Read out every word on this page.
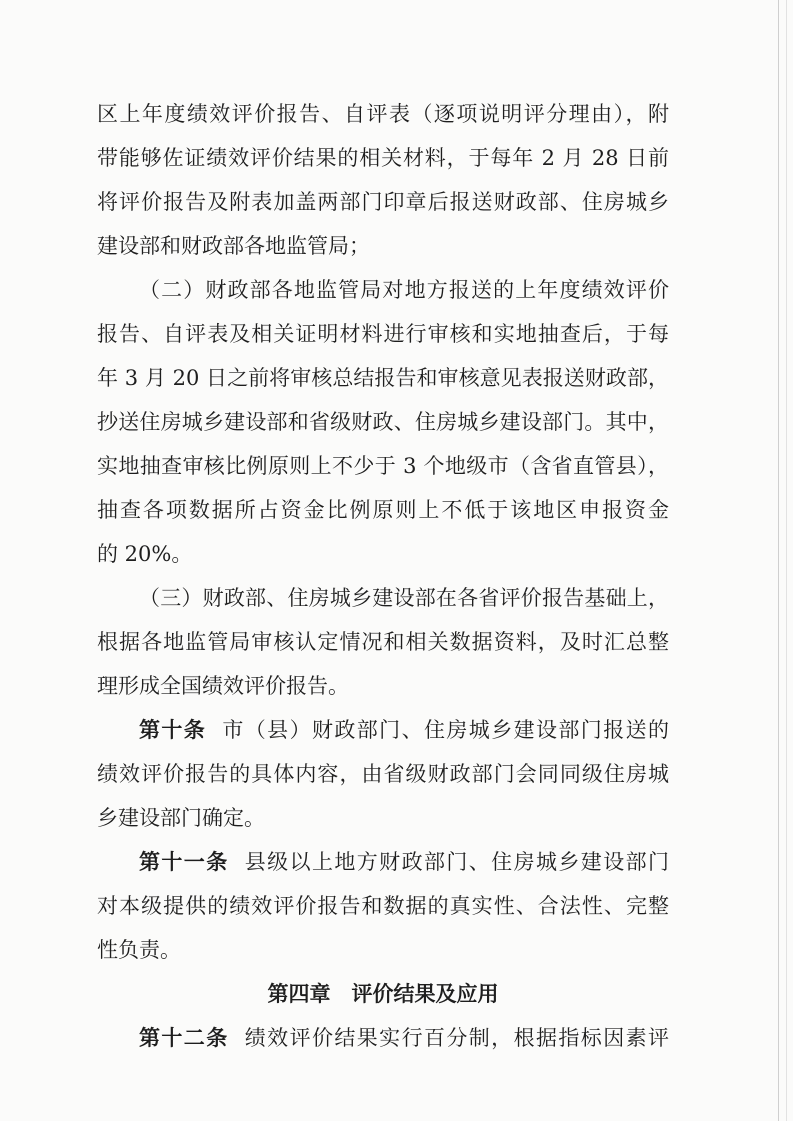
区上年度绩效评价报告、自评表（逐项说明评分理由），附
带能够佐证绩效评价结果的相关材料，于每年 2 月 28 日前
将评价报告及附表加盖两部门印章后报送财政部、住房城乡
建设部和财政部各地监管局；
（二）财政部各地监管局对地方报送的上年度绩效评价
报告、自评表及相关证明材料进行审核和实地抽查后，于每
年 3 月 20 日之前将审核总结报告和审核意见表报送财政部，
抄送住房城乡建设部和省级财政、住房城乡建设部门。其中，
实地抽查审核比例原则上不少于 3 个地级市（含省直管县），
抽查各项数据所占资金比例原则上不低于该地区申报资金
的 20%。
（三）财政部、住房城乡建设部在各省评价报告基础上，
根据各地监管局审核认定情况和相关数据资料，及时汇总整
理形成全国绩效评价报告。
第十条 市（县）财政部门、住房城乡建设部门报送的
绩效评价报告的具体内容，由省级财政部门会同同级住房城
乡建设部门确定。
第十一条 县级以上地方财政部门、住房城乡建设部门
对本级提供的绩效评价报告和数据的真实性、合法性、完整
性负责。
第四章　评价结果及应用
第十二条 绩效评价结果实行百分制，根据指标因素评
